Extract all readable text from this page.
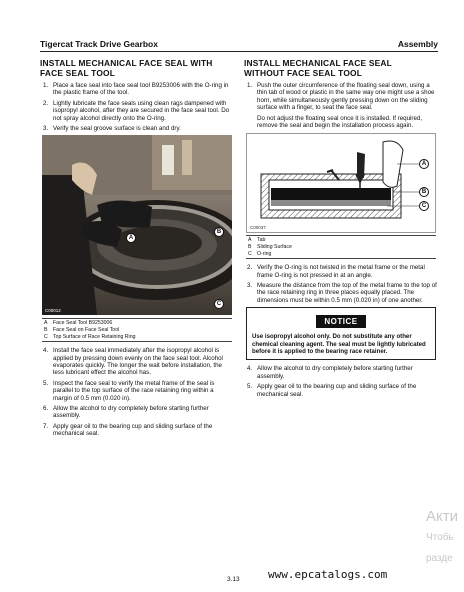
Tigercat Track Drive Gearbox	Assembly
INSTALL MECHANICAL FACE SEAL WITH
FACE SEAL TOOL
1. Place a face seal into face seal tool B9253006 with the O-ring in the plastic frame of the tool.
2. Lightly lubricate the face seals using clean rags dampened with isopropyl alcohol, after they are secured in the face seal tool. Do not spray alcohol directly onto the O-ring.
3. Verify the seal groove surface is clean and dry.
C00012
A
B
C
A Face Seal Tool B9253006
B Face Seal on Face Seal Tool
C Top Surface of Race Retaining Ring
4. Install the face seal immediately after the isopropyl alcohol is applied by pressing down evenly on the face seal tool. Alcohol evaporates quickly. The longer the wait before installation, the less lubricant effect the alcohol has.
5. Inspect the face seal to verify the metal frame of the seal is parallel to the top surface of the race retaining ring within a margin of 0.5 mm (0.020 in).
6. Allow the alcohol to dry completely before starting further assembly.
7. Apply gear oil to the bearing cup and sliding surface of the mechanical seal.
INSTALL MECHANICAL FACE SEAL
WITHOUT FACE SEAL TOOL
1. Push the outer circumference of the floating seal down, using a thin tab of wood or plastic in the same way one might use a shoe horn, while simultaneously gently pressing down on the sliding surface with a finger, to seat the face seal.
Do not adjust the floating seal once it is installed. If required, remove the seal and begin the installation process again.
C00037
A
B
C
A Tab
B Sliding Surface
C O-ring
2. Verify the O-ring is not twisted in the metal frame or the metal frame O-ring is not pressed in at an angle.
3. Measure the distance from the top of the metal frame to the top of the race retaining ring in three places equally placed. The dimensions must be within 0.5 mm (0.020 in) of one another.
NOTICE
Use isopropyl alcohol only. Do not substitute any other chemical cleaning agent. The seal must be lightly lubricated before it is applied to the bearing race retainer.
4. Allow the alcohol to dry completely before starting further assembly.
5. Apply gear oil to the bearing cup and sliding surface of the mechanical seal.
3.13	www.epcatalogs.com
Акти
Чтобь
разде
